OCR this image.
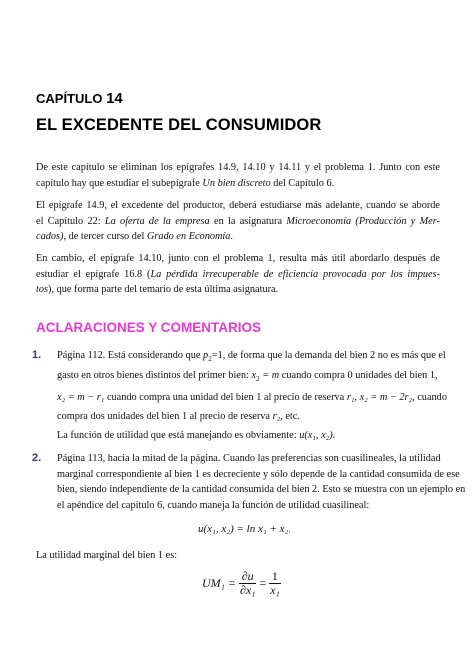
CAPÍTULO 14
EL EXCEDENTE DEL CONSUMIDOR
De este capítulo se eliminan los epígrafes 14.9, 14.10 y 14.11 y el problema 1. Junto con este
capítulo hay que estudiar el subepígrafe Un bien discreto del Capítulo 6.
El epígrafe 14.9, el excedente del productor, deberá estudiarse más adelante, cuando se aborde
el Capítulo 22: La oferta de la empresa en la asignatura Microeconomía (Producción y Mer-
cados), de tercer curso del Grado en Economía.
En cambio, el epígrafe 14.10, junto con el problema 1, resulta más útil abordarlo después de
estudiar el epígrafe 16.8 (La pérdida irrecuperable de eficiencia provocada por los impues-
tos), que forma parte del temario de esta última asignatura.
ACLARACIONES Y COMENTARIOS
1. Página 112. Está considerando que $p_2=1$, de forma que la demanda del bien 2 no es más que el
gasto en otros bienes distintos del primer bien: $x_2 = m$ cuando compra 0 unidades del bien 1,
x₂ = m − r₁ cuando compra una unidad del bien 1 al precio de reserva r₁, x₂ = m − 2r₂, cuando
compra dos unidades del bien 1 al precio de reserva r₂, etc.
La función de utilidad que está manejando es obviamente: u(x₁, x₂).
2. Página 113, hacia la mitad de la página. Cuando las preferencias son cuasilineales, la utilidad
marginal correspondiente al bien 1 es decreciente y sólo depende de la cantidad consumida de ese
bien, siendo independiente de la cantidad consumida del bien 2. Esto se muestra con un ejemplo en
el apéndice del capítulo 6, cuando maneja la función de utilidad cuasilineal:
u(x₁, x₂) = ln x₁ + x₂.
La utilidad marginal del bien 1 es:
$UM_1 = \frac{\partial u}{\text{∂x₁}} = \frac{1}{\text{x₁}}$
